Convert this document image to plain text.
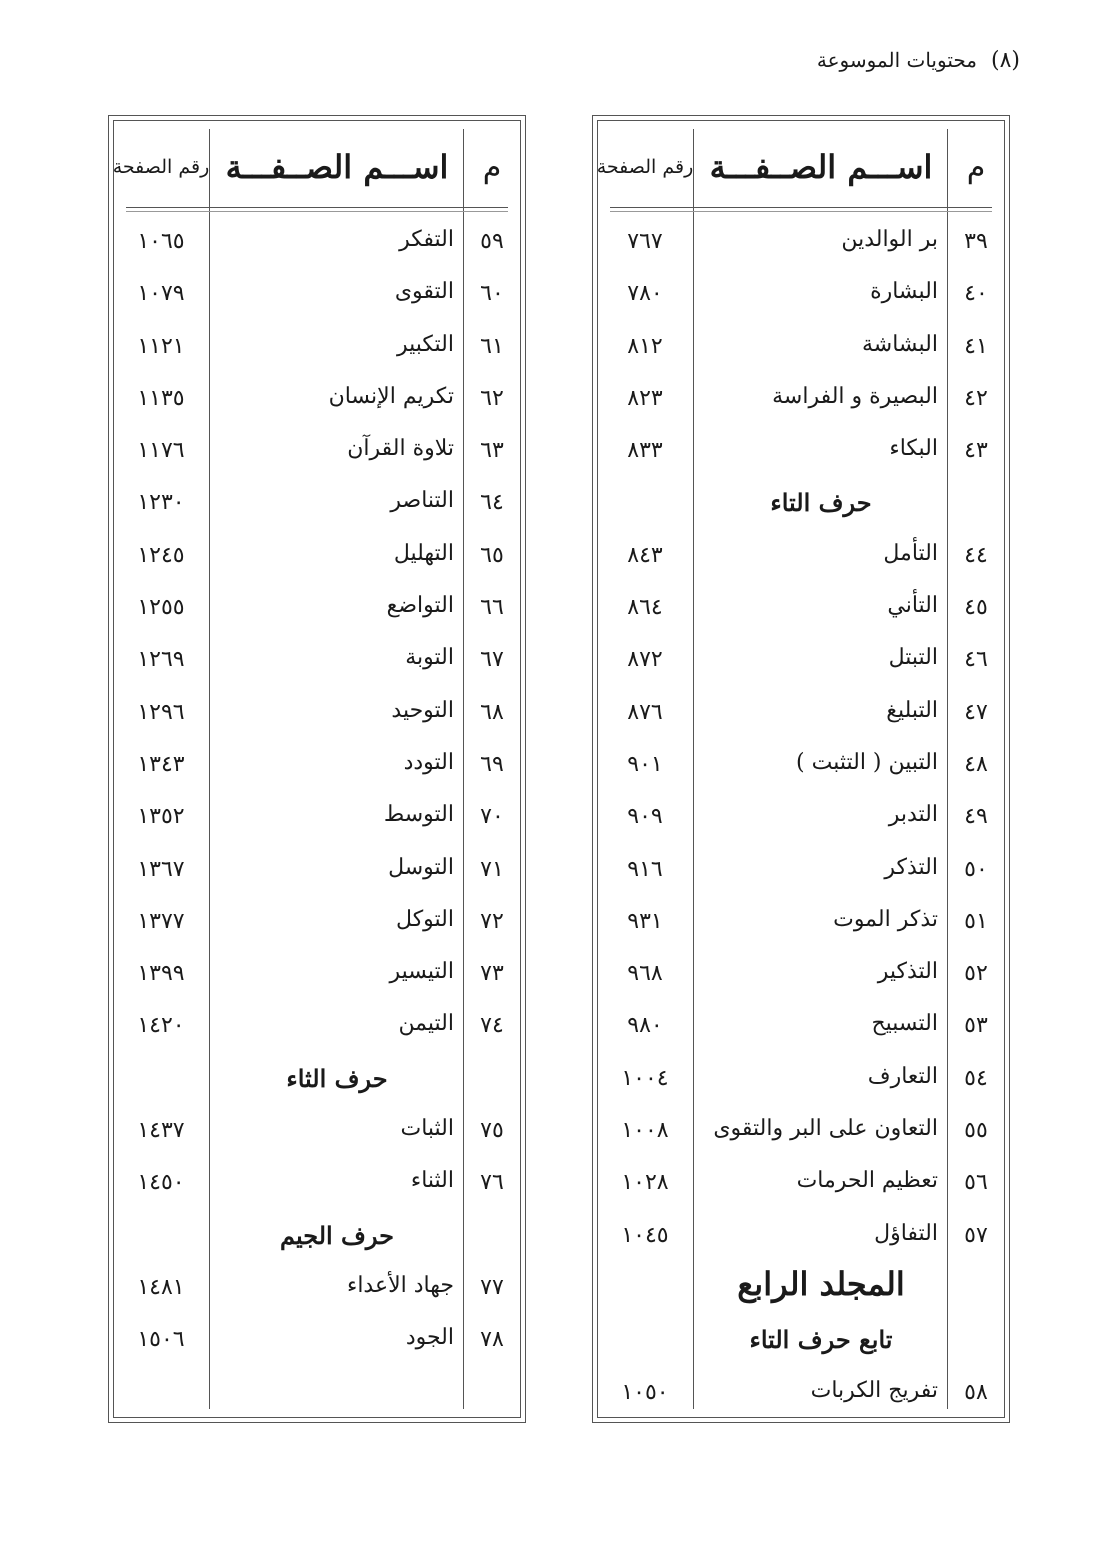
(٨)
محتويات الموسوعة
م
اســـم الصــفـــة
رقم الصفحة
٣٩
بر الوالدين
٧٦٧
٤٠
البشارة
٧٨٠
٤١
البشاشة
٨١٢
٤٢
البصيرة و الفراسة
٨٢٣
٤٣
البكاء
٨٣٣
حرف التاء
٤٤
التأمل
٨٤٣
٤٥
التأني
٨٦٤
٤٦
التبتل
٨٧٢
٤٧
التبليغ
٨٧٦
٤٨
التبين ( التثبت )
٩٠١
٤٩
التدبر
٩٠٩
٥٠
التذكر
٩١٦
٥١
تذكر الموت
٩٣١
٥٢
التذكير
٩٦٨
٥٣
التسبيح
٩٨٠
٥٤
التعارف
١٠٠٤
٥٥
التعاون على البر والتقوى
١٠٠٨
٥٦
تعظيم الحرمات
١٠٢٨
٥٧
التفاؤل
١٠٤٥
المجلد الرابع
تابع حرف التاء
٥٨
تفريج الكربات
١٠٥٠
م
اســـم الصــفـــة
رقم الصفحة
٥٩
التفكر
١٠٦٥
٦٠
التقوى
١٠٧٩
٦١
التكبير
١١٢١
٦٢
تكريم الإنسان
١١٣٥
٦٣
تلاوة القرآن
١١٧٦
٦٤
التناصر
١٢٣٠
٦٥
التهليل
١٢٤٥
٦٦
التواضع
١٢٥٥
٦٧
التوبة
١٢٦٩
٦٨
التوحيد
١٢٩٦
٦٩
التودد
١٣٤٣
٧٠
التوسط
١٣٥٢
٧١
التوسل
١٣٦٧
٧٢
التوكل
١٣٧٧
٧٣
التيسير
١٣٩٩
٧٤
التيمن
١٤٢٠
حرف الثاء
٧٥
الثبات
١٤٣٧
٧٦
الثناء
١٤٥٠
حرف الجيم
٧٧
جهاد الأعداء
١٤٨١
٧٨
الجود
١٥٠٦
